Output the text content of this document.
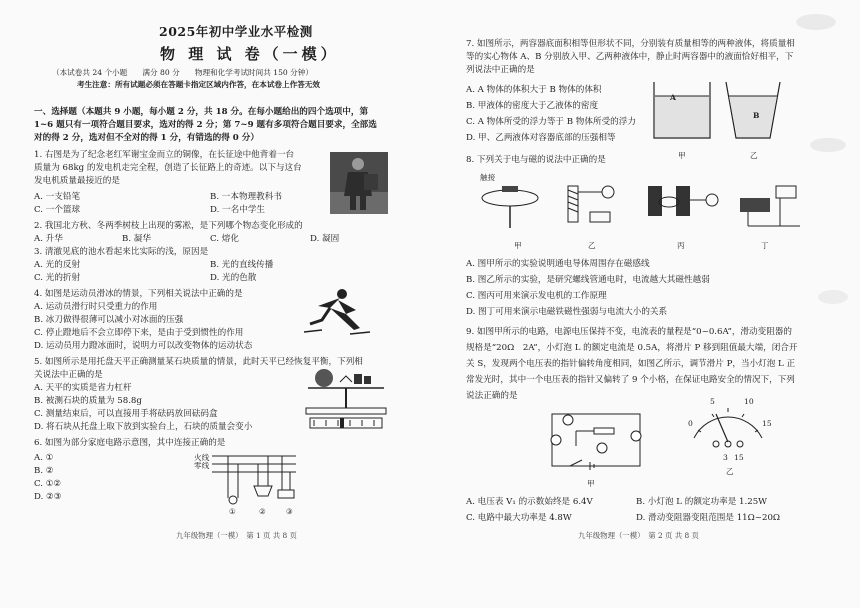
2025年初中学业水平检测
物 理 试 卷（一模）
（本试卷共 24 个小题　　满分 80 分　　物理和化学考试时间共 150 分钟）
考生注意：所有试题必须在答题卡指定区域内作答，在本试卷上作答无效
一、选择题（本题共 9 小题，每小题 2 分，共 18 分。在每小题给出的四个选项中，第
1~6 题只有一项符合题目要求，选对的得 2 分；第 7~9 题有多项符合题目要求，全部选
对的得 2 分，选对但不全对的得 1 分，有错选的得 0 分）
1. 右图是为了纪念老红军谢宝金而立的铜像，在长征途中他背着一台
质量为 68kg 的发电机走完全程，创造了长征路上的奇迹。以下与这台
发电机质量最接近的是
A. 一支铅笔	B. 一本物理教科书
C. 一个篮球	D. 一名中学生
2. 我国北方秋、冬两季树枝上出现的雾凇，是下列哪个物态变化形成的
A. 升华	B. 凝华	C. 熔化	D. 凝固
3. 清澈见底的池水看起来比实际的浅，原因是
A. 光的反射	B. 光的直线传播
C. 光的折射	D. 光的色散
4. 如图是运动员滑冰的情景，下列相关说法中正确的是
A. 运动员滑行时只受重力的作用
B. 冰刀做得很薄可以减小对冰面的压强
C. 停止蹬地后不会立即停下来，是由于受到惯性的作用
D. 运动员用力蹬冰面时，说明力可以改变物体的运动状态
5. 如图所示是用托盘天平正确测量某石块质量的情景，此时天平已经恢复平衡，下列相
关说法中正确的是
A. 天平的实质是省力杠杆
B. 被测石块的质量为 58.8g
C. 测量结束后，可以直接用手将砝码放回砝码盒
D. 将石块从托盘上取下放到实验台上，石块的质量会变小
6. 如图为部分家庭电路示意图，其中连接正确的是
A. ①
B. ②
C. ①②
D. ②③
火线
零线
①	②	③
九年级物理（一模）　第 1 页 共 8 页
7. 如图所示，两容器底面积相等但形状不同，分别装有质量相等的两种液体，将质量相
等的实心物体 A、B 分别放入甲、乙两种液体中，静止时两容器中的液面恰好相平，下
列说法中正确的是
A. A 物体的体积大于 B 物体的体积
B. 甲液体的密度大于乙液体的密度
C. A 物体所受的浮力等于 B 物体所受的浮力
D. 甲、乙两液体对容器底部的压强相等
A
B
甲	乙
8. 下列关于电与磁的说法中正确的是
触接
甲	乙	丙	丁
A. 图甲所示的实验说明通电导体周围存在磁感线
B. 图乙所示的实验，是研究螺线管通电时，电流越大其磁性越弱
C. 图丙可用来演示发电机的工作原理
D. 图丁可用来演示电磁铁磁性强弱与电流大小的关系
9. 如图甲所示的电路，电源电压保持不变，电流表的量程是“0~0.6A”，滑动变阻器的
规格是“20Ω　2A”，小灯泡 L 的额定电流是 0.5A，将滑片 P 移到阻值最大端，闭合开
关 S，发现两个电压表的指针偏转角度相同，如图乙所示，调节滑片 P，当小灯泡 L 正
常发光时，其中一个电压表的指针又偏转了 9 个小格，在保证电路安全的情况下，下列
说法正确的是
甲
5	10
0	15
3 15
乙
A. 电压表 V₁ 的示数始终是 6.4V	B. 小灯泡 L 的额定功率是 1.25W
C. 电路中最大功率是 4.8W	D. 滑动变阻器变阻范围是 11Ω~20Ω
九年级物理（一模）　第 2 页 共 8 页
